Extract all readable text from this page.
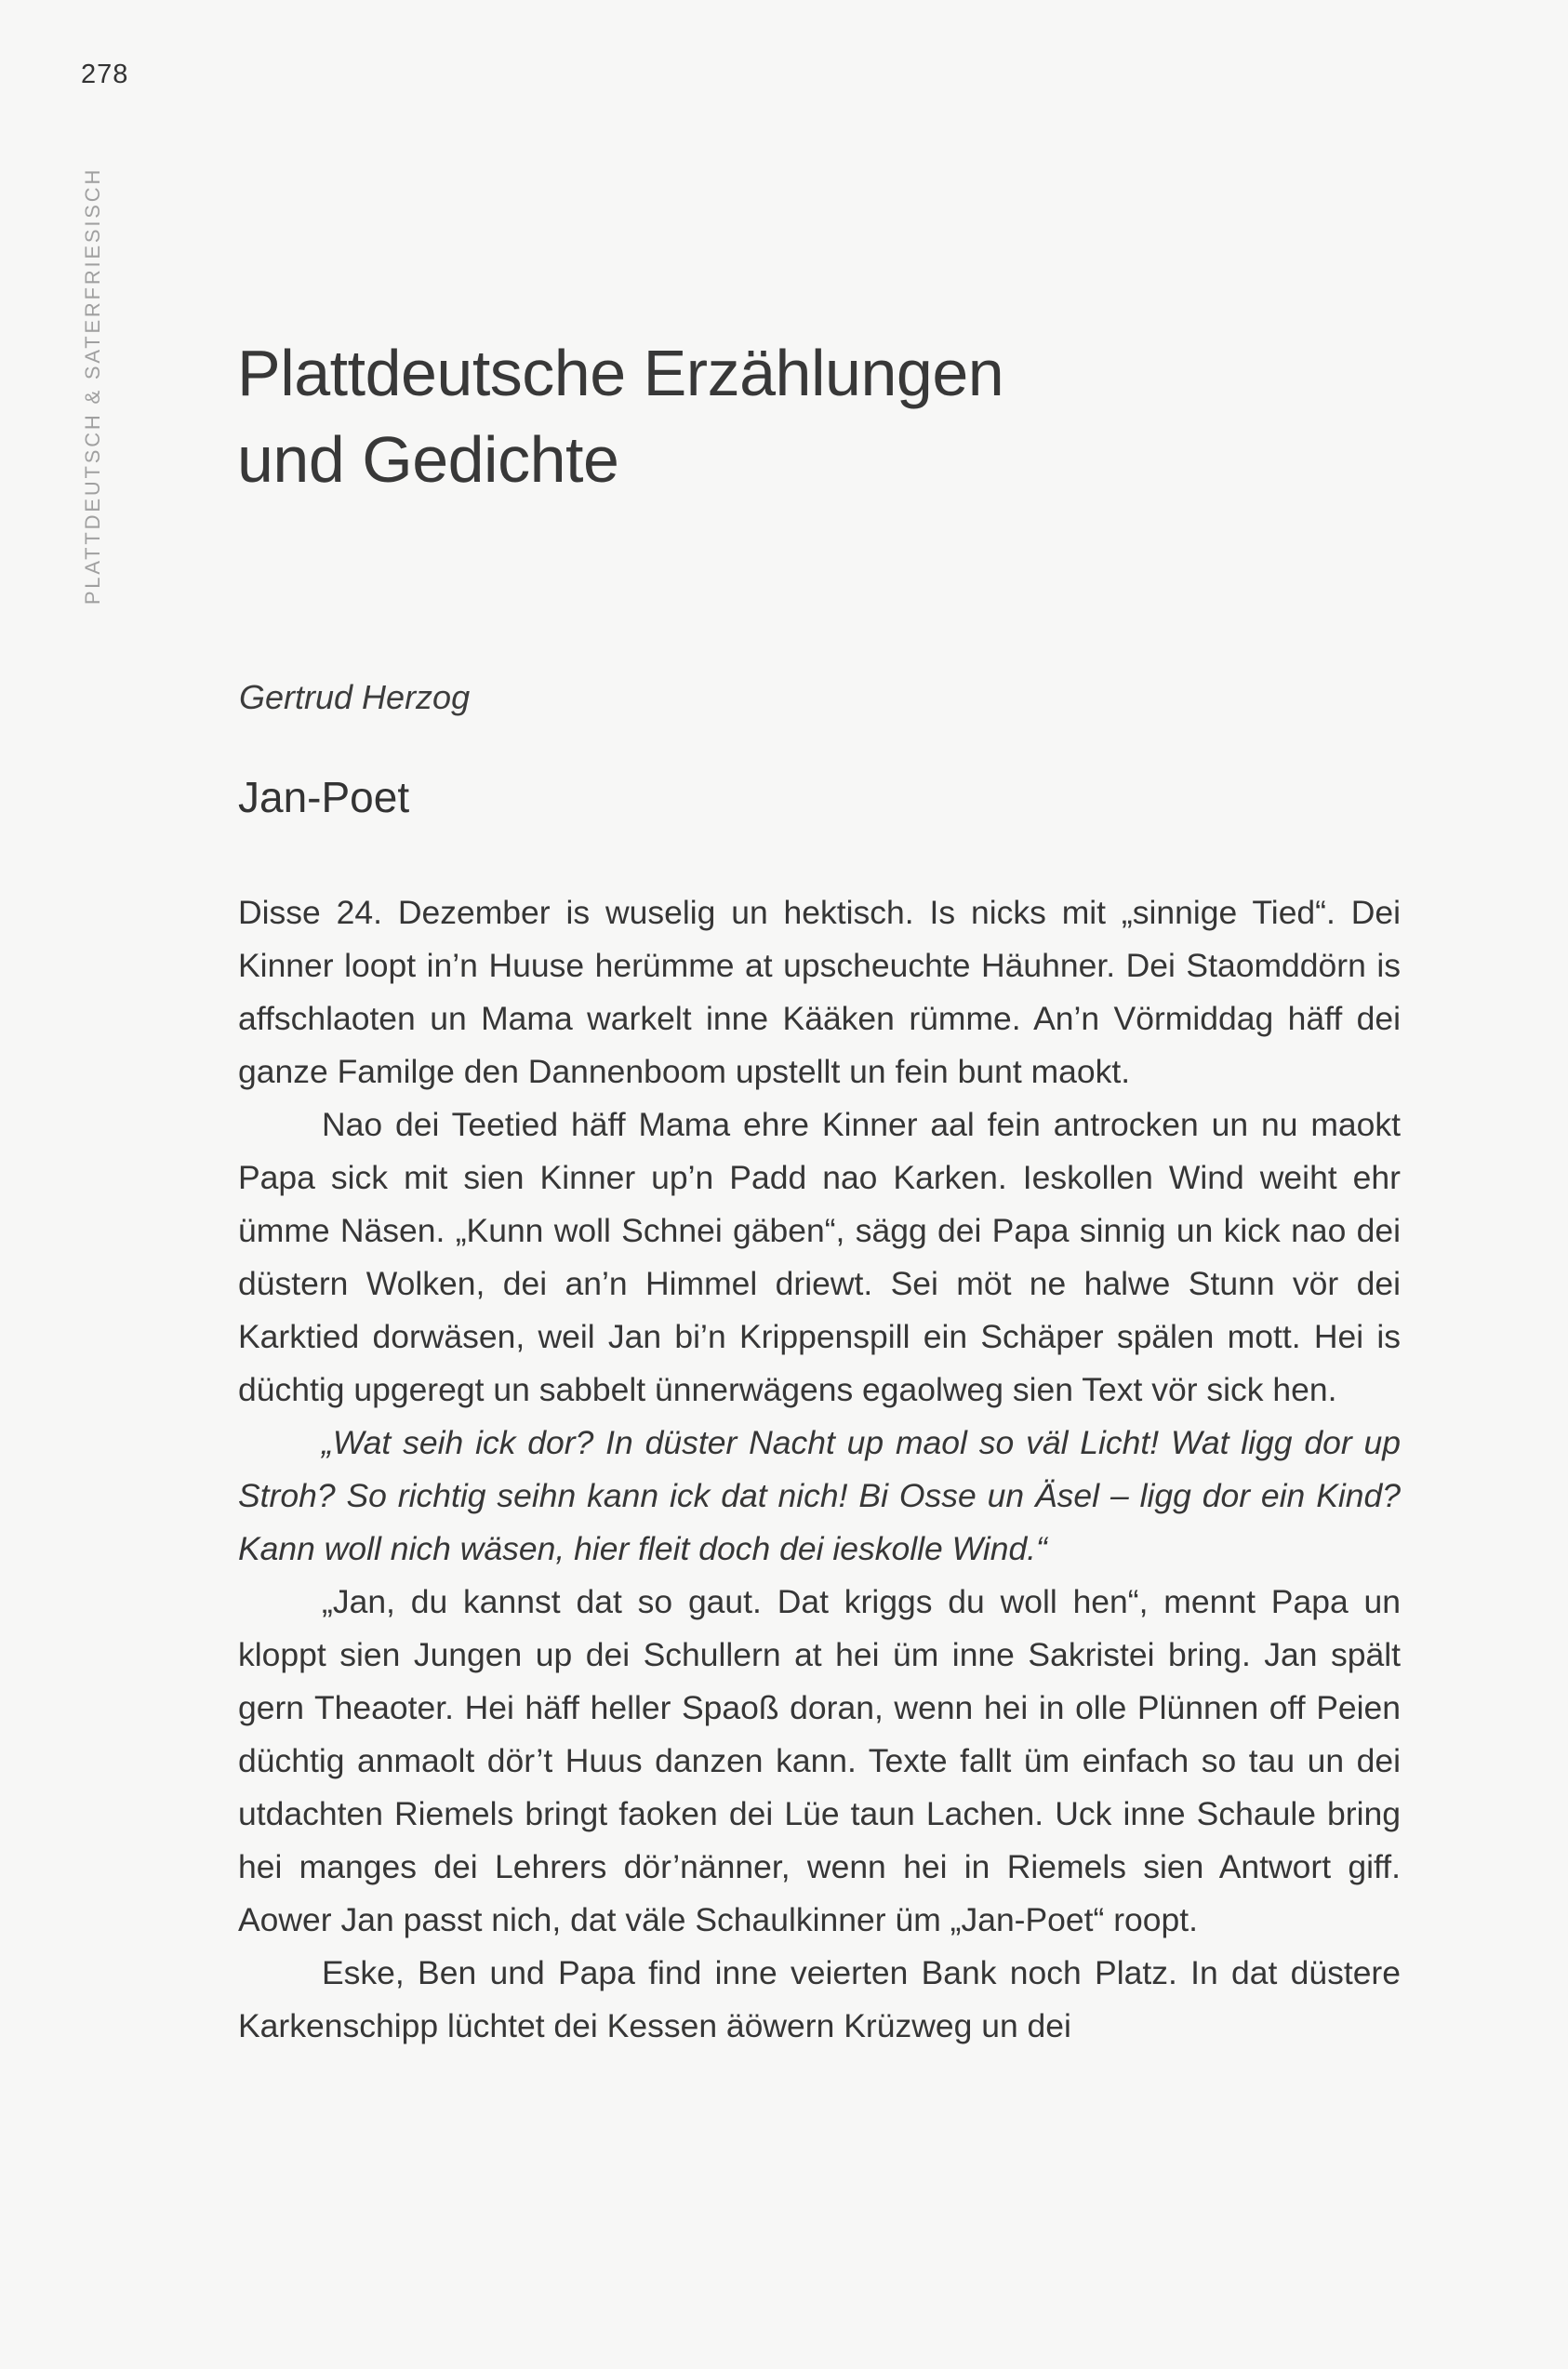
278
PLATTDEUTSCH & SATERFRIESISCH Plattdeutsche Erzählungen
und Gedichte

Gertrud Herzog

Jan-Poet

Disse 24. Dezember is wuselig un hektisch. Is nicks mit „sinnige Tied“. Dei Kinner loopt in’n Huuse herümme at upscheuchte Häuhner. Dei Staomddörn is affschlaoten un Mama warkelt inne Kääken rümme. An’n Vörmiddag häff dei ganze Familge den Dannenboom upstellt un fein bunt maokt.

Nao dei Teetied häff Mama ehre Kinner aal fein antrocken un nu maokt Papa sick mit sien Kinner up’n Padd nao Karken. Ieskollen Wind weiht ehr ümme Näsen. „Kunn woll Schnei gäben“, sägg dei Papa sinnig un kick nao dei düstern Wolken, dei an’n Himmel driewt. Sei möt ne halwe Stunn vör dei Karktied dorwäsen, weil Jan bi’n Krippenspill ein Schäper spälen mott. Hei is düchtig upgeregt un sabbelt ünnerwägens egaolweg sien Text vör sick hen.

„Wat seih ick dor? In düster Nacht up maol so väl Licht! Wat ligg dor up Stroh? So richtig seihn kann ick dat nich! Bi Osse un Äsel – ligg dor ein Kind? Kann woll nich wäsen, hier fleit doch dei ieskolle Wind.“

„Jan, du kannst dat so gaut. Dat kriggs du woll hen“, mennt Papa un kloppt sien Jungen up dei Schullern at hei üm inne Sakristei bring. Jan spält gern Theaoter. Hei häff heller Spaoß doran, wenn hei in olle Plünnen off Peien düchtig anmaolt dör’t Huus danzen kann. Texte fallt üm einfach so tau un dei utdachten Riemels bringt faoken dei Lüe taun Lachen. Uck inne Schaule bring hei manges dei Lehrers dör’nänner, wenn hei in Riemels sien Antwort giff. Aower Jan passt nich, dat väle Schaulkinner üm „Jan-Poet“ roopt.

Eske, Ben und Papa find inne veierten Bank noch Platz. In dat düstere Karkenschipp lüchtet dei Kessen äöwern Krüzweg un dei
